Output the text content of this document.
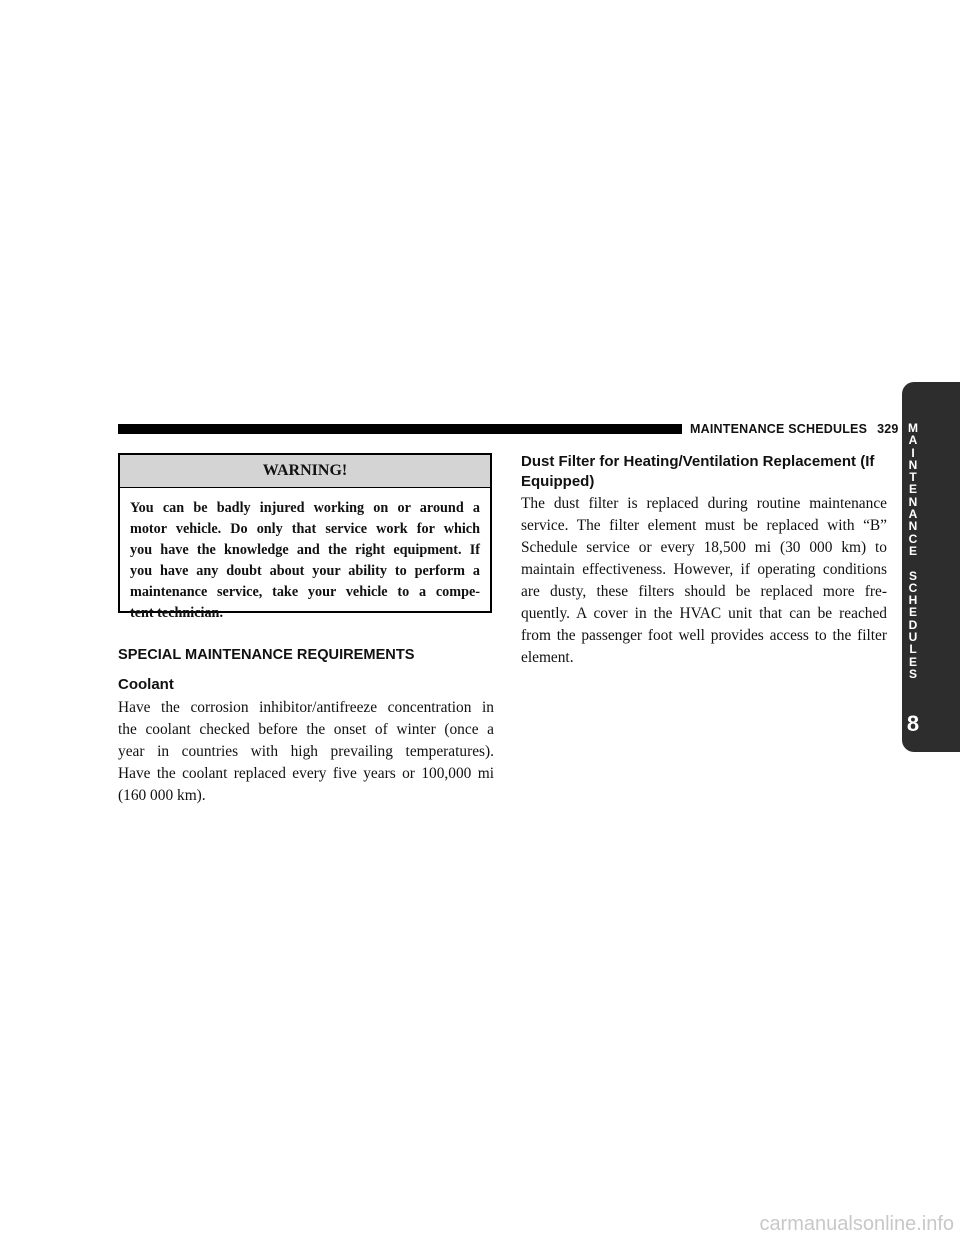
MAINTENANCE SCHEDULES 329 M
A
I
N
T
E
N
A
N
C
E
S
C
H
E
D
U
L
E
S
8
WARNING!
You can be badly injured working on or around a
motor vehicle. Do only that service work for which
you have the knowledge and the right equipment. If
you have any doubt about your ability to perform a
maintenance service, take your vehicle to a compe-
tent technician.
SPECIAL MAINTENANCE REQUIREMENTS
Coolant
Have the corrosion inhibitor/antifreeze concentration in
the coolant checked before the onset of winter (once a
year in countries with high prevailing temperatures).
Have the coolant replaced every five years or 100,000 mi
(160 000 km).
Dust Filter for Heating/Ventilation Replacement (If
Equipped)
The dust filter is replaced during routine maintenance
service. The filter element must be replaced with “B”
Schedule service or every 18,500 mi (30 000 km) to
maintain effectiveness. However, if operating conditions
are dusty, these filters should be replaced more fre-
quently. A cover in the HVAC unit that can be reached
from the passenger foot well provides access to the filter
element.
carmanualsonline.info
